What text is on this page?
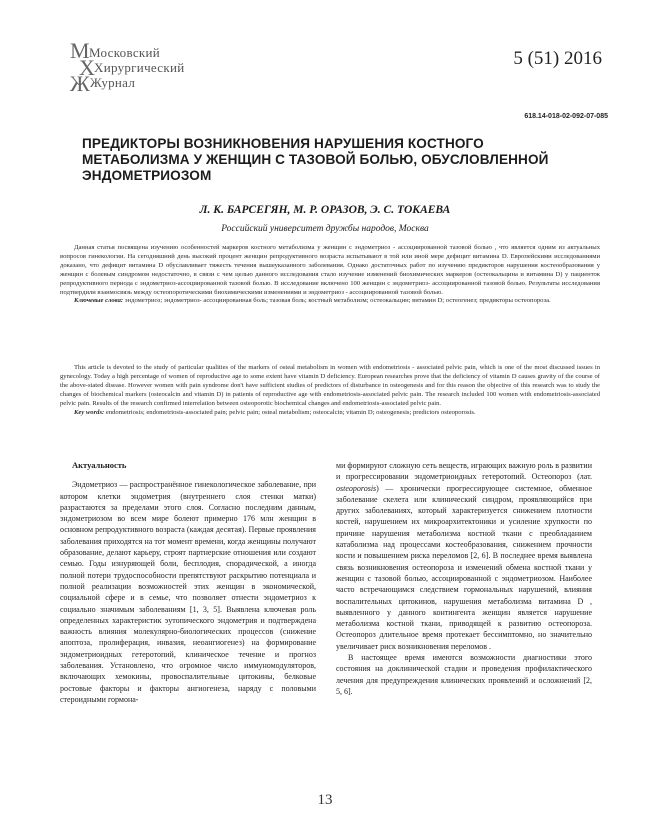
М Московский
Х Хирургический
Ж Журнал
5 (51) 2016
618.14-018-02-092-07-085
ПРЕДИКТОРЫ ВОЗНИКНОВЕНИЯ НАРУШЕНИЯ КОСТНОГО МЕТАБОЛИЗМА У ЖЕНЩИН С ТАЗОВОЙ БОЛЬЮ, ОБУСЛОВЛЕННОЙ ЭНДОМЕТРИОЗОМ
Л. К. БАРСЕГЯН, М. Р. ОРАЗОВ, Э. С. ТОКАЕВА
Российский университет дружбы народов, Москва

Данная статья посвящена изучению особенностей маркеров костного метаболизма у женщин с эндометриоз - ассоциированной тазовой болью , что является одним из актуальных вопросов гинекологии. На сегодняшний день высокий процент женщин репродуктивного возраста испытывают в той или иной мере дефицит витамина D. Европейскими исследованиями доказано, что дефицит витамина D обуславливает тяжесть течения вышеуказанного заболевания. Однако достаточных работ по изучению предикторов нарушения костеообразования у женщин с болевым синдромом недостаточно, в связи с чем целью данного исследования стало изучение изменений биохимических маркеров (остеокальцина и витамина D) у пациенток репродуктивного периода с эндометриоз-ассоциированной тазовой болью. В исследование включено 100 женщин с эндометриоз- ассоциированной тазовой болью. Результаты исследования подтвердили взаимосвязь между остеопоротическими биохимическими изменениями и эндометриоз - ассоциированной тазовой болью.

Ключевые слова: эндометриоз; эндометриоз- ассоциированная боль; тазовая боль; костный метаболизм; остеокальцин; витамин D; остеогенез; предикторы остеопороза.

This article is devoted to the study of particular qualities of the markers of osteal metabolism in women with endometriosis - associated pelvic pain, which is one of the most discussed issues in gynecology. Today a high percentage of women of reproductive age to some extent have vitamin D deficiency. European researches prove that the deficiency of vitamin D causes gravity of the course of the above-stated disease. However women with pain syndrome don't have sufficient studies of predictors of disturbance in osteogenesis and for this reason the objective of this research was to study the changes of biochemical markers (osteocalcin and vitamin D) in patients of reproductive age with endometriosis-associated pelvic pain. The research included 100 women with endometriosis-associated pelvic pain. Results of the research confirmed interrelation between osteoporotic biochemical changes and endometriosis-associated pelvic pain.

Key words: endometriosis; endometriosis-associated pain; pelvic pain; osteal metabolism; osteocalcin; vitamin D; osteogenesis; predictors osteoporosis.

Актуальность

Эндометриоз — распространённое гинекологическое заболевание, при котором клетки эндометрия (внутреннего слоя стенки матки) разрастаются за пределами этого слоя. Согласно последним данным, эндометриозом во всем мире болеют примерно 176 млн женщин в основном репродуктивного возраста (каждая десятая). Первые проявления заболевания приходятся на тот момент времени, когда женщины получают образование, делают карьеру, строят партнерские отношения или создают семью. Годы изнуряющей боли, бесплодия, спорадической, а иногда полной потери трудоспособности препятствуют раскрытию потенциала и полной реализации возможностей этих женщин в экономической, социальной сфере и в семье, что позволяет отнести эндометриоз к социально значимым заболеваниям [1, 3, 5]. Выявлена ключевая роль определенных характеристик эутопического эндометрия и подтверждена важность влияния молекулярно-биологических процессов (снижение апоптоза, пролиферация, инвазия, неоангиогенез) на формирование эндометриоидных гетеротопий, клиническое течение и прогноз заболевания. Установлено, что огромное число иммуномодуляторов, включающих хемокины, провоспалительные цитокины, белковые ростовые факторы и факторы ангиогенеза, наряду с половыми стероидными гормона-

ми формируют сложную сеть веществ, играющих важную роль в развитии и прогрессировании эндометриоидных гетеротопий. Остеопороз (лат. osteoporosis) — хронически прогрессирующее системное, обменное заболевание скелета или клинический синдром, проявляющийся при других заболеваниях, который характеризуется снижением плотности костей, нарушением их микроархитектоники и усиление хрупкости по причине нарушения метаболизма костной ткани с преобладанием катаболизма над процессами костеобразования, снижением прочности кости и повышением риска переломов [2, 6]. В последнее время выявлена связь возникновения остеопороза и изменений обмена костной ткани у женщин с тазовой болью, ассоциированной с эндометриозом. Наиболее часто встречающимся следствием гормональных нарушений, влияния воспалительных цитокинов, нарушения метаболизма витамина D , выявленного у данного контингента женщин является нарушение метаболизма костной ткани, приводящей к развитию остеопороза. Остеопороз длительное время протекает бессимптомно, но значительно увеличивает риск возникновения переломов .

В настоящее время имеются возможности диагностики этого состояния на доклинической стадии и проведения профилактического лечения для предупреждения клинических проявлений и осложнений [2, 5, 6].

13
